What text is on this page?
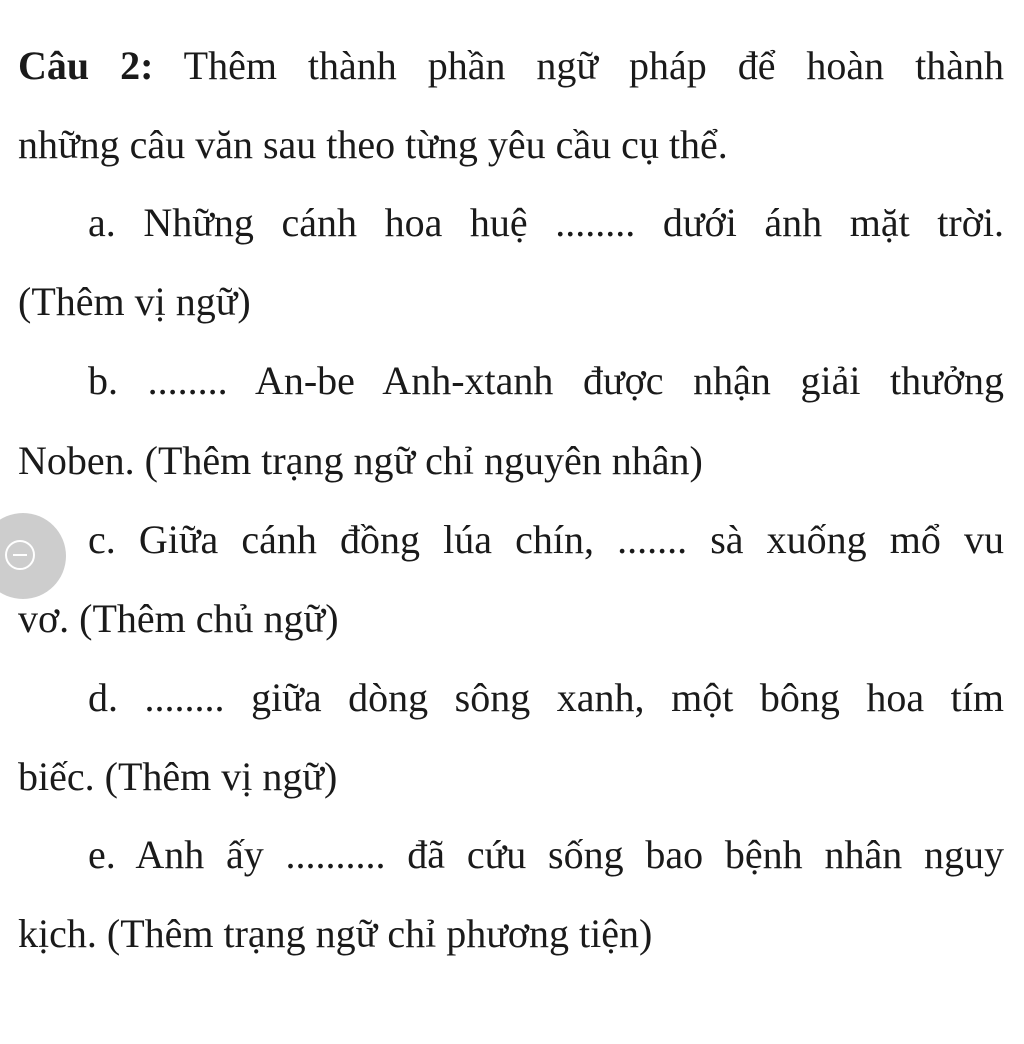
Câu 2: Thêm thành phần ngữ pháp để hoàn thành
những câu văn sau theo từng yêu cầu cụ thể.
a. Những cánh hoa huệ ........ dưới ánh mặt trời.
(Thêm vị ngữ)
b. ........ An-be Anh-xtanh được nhận giải thưởng
Noben. (Thêm trạng ngữ chỉ nguyên nhân)
c. Giữa cánh đồng lúa chín, ....... sà xuống mổ vu
vơ. (Thêm chủ ngữ)
d. ........ giữa dòng sông xanh, một bông hoa tím
biếc. (Thêm vị ngữ)
e. Anh ấy .......... đã cứu sống bao bệnh nhân nguy
kịch. (Thêm trạng ngữ chỉ phương tiện)
